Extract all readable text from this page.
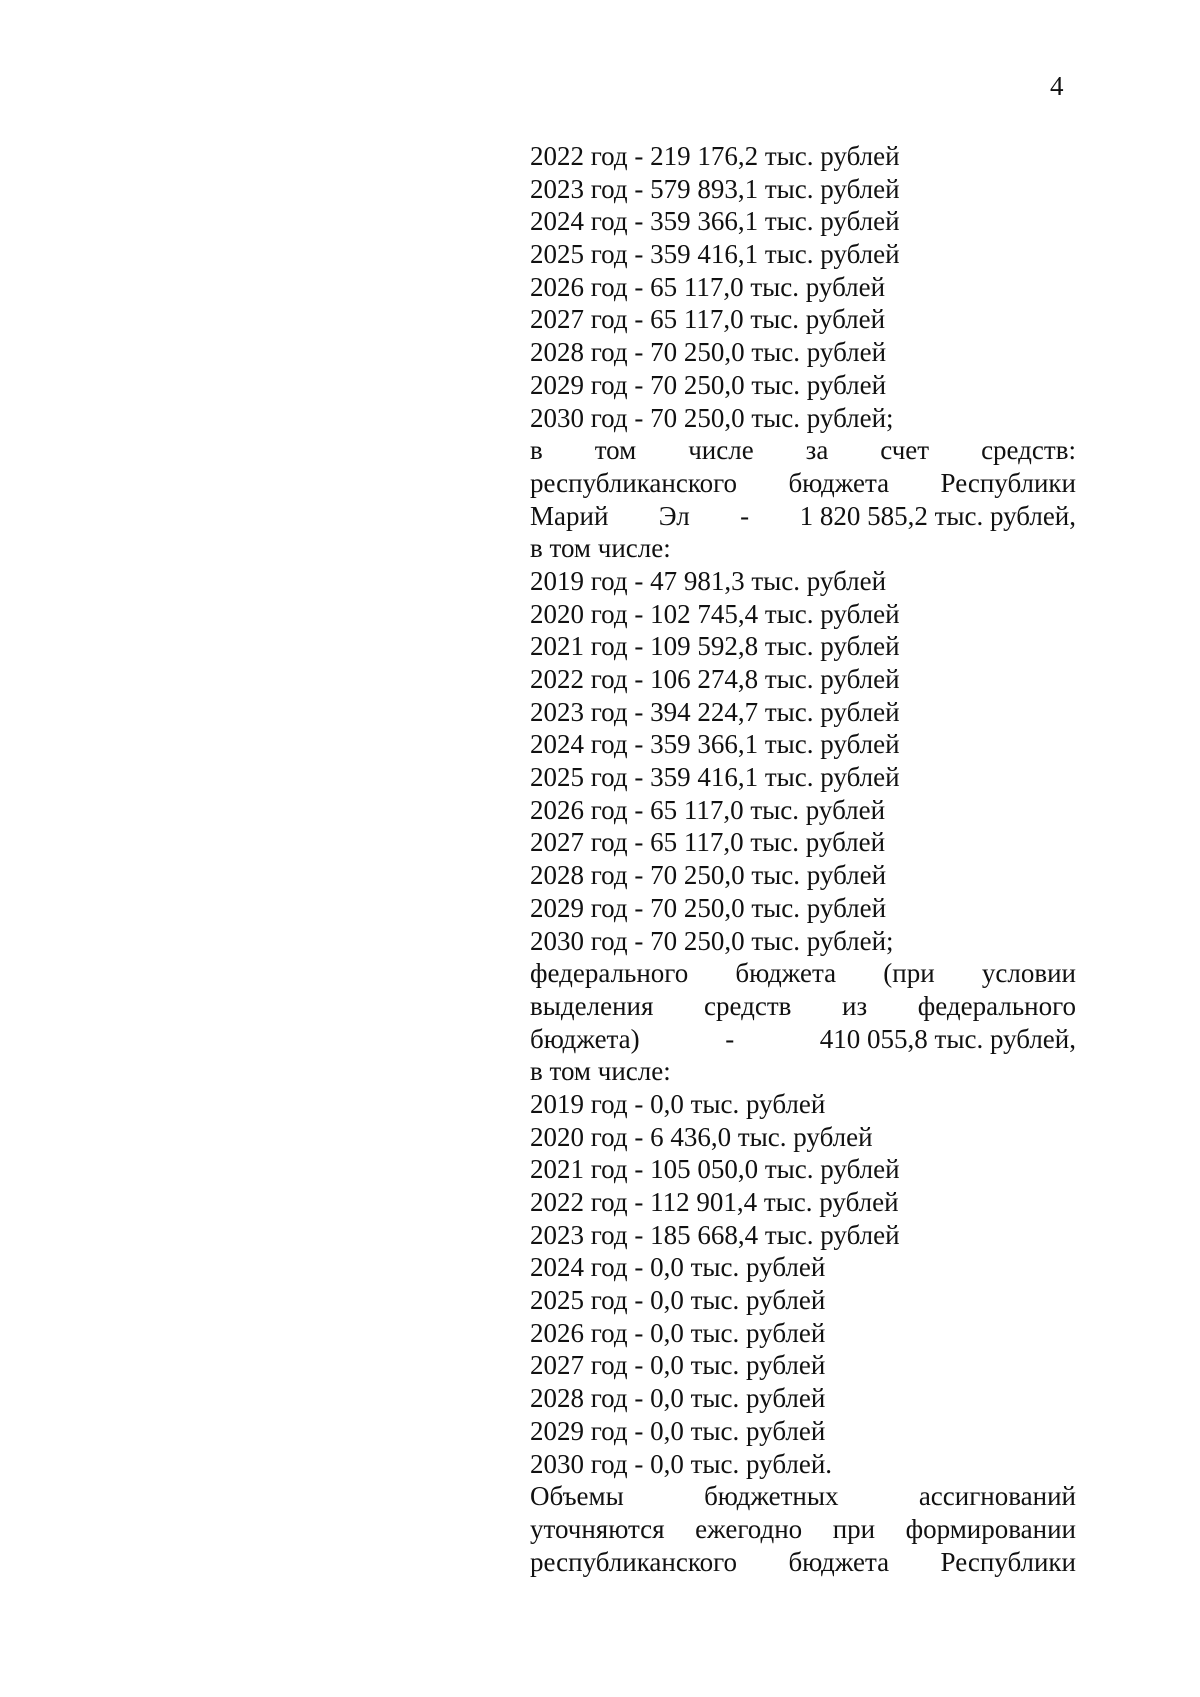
4
2022 год - 219 176,2 тыс. рублей
2023 год - 579 893,1 тыс. рублей
2024 год - 359 366,1 тыс. рублей
2025 год - 359 416,1 тыс. рублей
2026 год - 65 117,0 тыс. рублей
2027 год - 65 117,0 тыс. рублей
2028 год - 70 250,0 тыс. рублей
2029 год - 70 250,0 тыс. рублей
2030 год - 70 250,0 тыс. рублей;
в том числе за счет средств:
республиканского бюджета Республики
Марий Эл - 1 820 585,2 тыс. рублей,
в том числе:
2019 год - 47 981,3 тыс. рублей
2020 год - 102 745,4 тыс. рублей
2021 год - 109 592,8 тыс. рублей
2022 год - 106 274,8 тыс. рублей
2023 год - 394 224,7 тыс. рублей
2024 год - 359 366,1 тыс. рублей
2025 год - 359 416,1 тыс. рублей
2026 год - 65 117,0 тыс. рублей
2027 год - 65 117,0 тыс. рублей
2028 год - 70 250,0 тыс. рублей
2029 год - 70 250,0 тыс. рублей
2030 год - 70 250,0 тыс. рублей;
федерального бюджета (при условии
выделения средств из федерального
бюджета)	-	410 055,8 тыс. рублей,
в том числе:
2019 год - 0,0 тыс. рублей
2020 год - 6 436,0 тыс. рублей
2021 год - 105 050,0 тыс. рублей
2022 год - 112 901,4 тыс. рублей
2023 год - 185 668,4 тыс. рублей
2024 год - 0,0 тыс. рублей
2025 год - 0,0 тыс. рублей
2026 год - 0,0 тыс. рублей
2027 год - 0,0 тыс. рублей
2028 год - 0,0 тыс. рублей
2029 год - 0,0 тыс. рублей
2030 год - 0,0 тыс. рублей.
Объемы	бюджетных	ассигнований
уточняются ежегодно при формировании
республиканского бюджета Республики
